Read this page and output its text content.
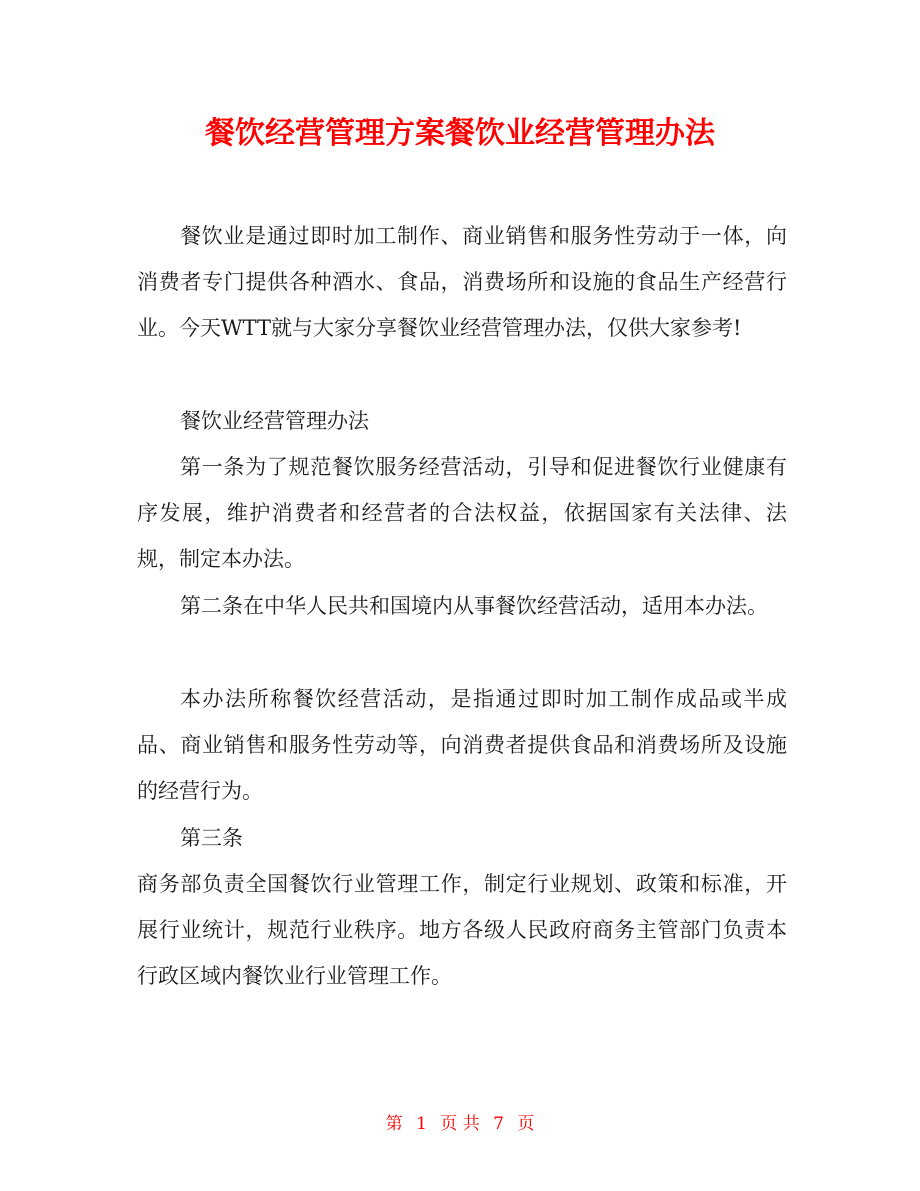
餐饮经营管理方案餐饮业经营管理办法

餐饮业是通过即时加工制作、商业销售和服务性劳动于一体，向消费者专门提供各种酒水、食品，消费场所和设施的食品生产经营行业。今天WTT就与大家分享餐饮业经营管理办法，仅供大家参考!

餐饮业经营管理办法

第一条为了规范餐饮服务经营活动，引导和促进餐饮行业健康有序发展，维护消费者和经营者的合法权益，依据国家有关法律、法规，制定本办法。

第二条在中华人民共和国境内从事餐饮经营活动，适用本办法。

本办法所称餐饮经营活动，是指通过即时加工制作成品或半成品、商业销售和服务性劳动等，向消费者提供食品和消费场所及设施的经营行为。

第三条

商务部负责全国餐饮行业管理工作，制定行业规划、政策和标准，开展行业统计，规范行业秩序。地方各级人民政府商务主管部门负责本行政区域内餐饮业行业管理工作。

第 1 页 共 7 页
